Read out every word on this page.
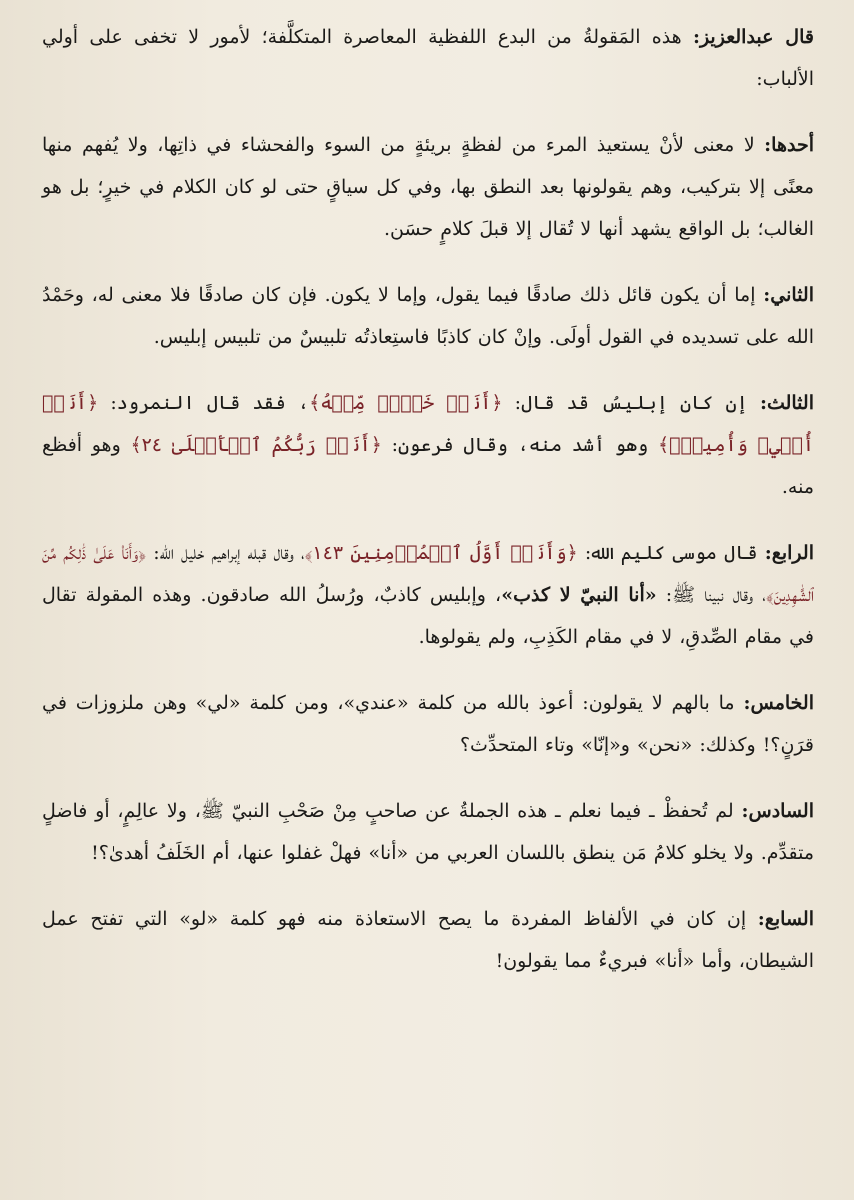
قال عبدالعزيز: هذه المَقولةُ من البدع اللفظية المعاصرة المتكلَّفة؛ لأمور لا تخفى على أولي الألباب:

أحدها: لا معنى لأنْ يستعيذ المرء من لفظةٍ بريئةٍ من السوء والفحشاء في ذاتِها، ولا يُفهم منها معنًى إلا بتركيب، وهم يقولونها بعد النطق بها، وفي كل سياقٍ حتى لو كان الكلام في خيرٍ؛ بل هو الغالب؛ بل الواقع يشهد أنها لا تُقال إلا قبلَ كلامٍ حسَن.

الثاني: إما أن يكون قائل ذلك صادقًا فيما يقول، وإما لا يكون. فإن كان صادقًا فلا معنى له، وحَمْدُ الله على تسديده في القول أولَى. وإنْ كان كاذبًا فاستِعاذتُه تلبيسٌ من تلبيس إبليس.

الثالث: إن كان إبليسُ قد قال: ﴿أَنَا۠ خَيۡرٞ مِّنۡهُ﴾، فقد قال النمرود: ﴿أَنَا۠ أُحۡيِۦ وَأُمِيتُۖ﴾ وهو أشد منه، وقال فرعون: ﴿أَنَا۠ رَبُّكُمُ ٱلۡأَعۡلَىٰ ٢٤﴾ وهو أفظع منه.

الرابع: قال موسى كليم الله: ﴿وَأَنَا۠ أَوَّلُ ٱلۡمُؤۡمِنِينَ ١٤٣﴾، وقال قبله إبراهيم خليل الله: ﴿وَأَنَا۠ عَلَىٰ ذَٰلِكُم مِّنَ ٱلشَّٰهِدِينَ﴾، وقال نبينا ﷺ: «أنا النبيّ لا كذب»، وإبليس كاذبٌ، ورُسلُ الله صادقون. وهذه المقولة تقال في مقام الصِّدقِ، لا في مقام الكَذِبِ، ولم يقولوها.

الخامس: ما بالهم لا يقولون: أعوذ بالله من كلمة «عندي»، ومن كلمة «لي» وهن ملزوزات في قرَنٍ؟! وكذلك: «نحن» و«إنّا» وتاء المتحدِّث؟

السادس: لم تُحفظْ ـ فيما نعلم ـ هذه الجملةُ عن صاحبٍ مِنْ صَحْبِ النبيّ ﷺ، ولا عالِمٍ، أو فاضلٍ متقدِّم. ولا يخلو كلامُ مَن ينطق باللسان العربي من «أنا» فهلْ غفلوا عنها، أم الخَلَفُ أهدىٰ؟!

السابع: إن كان في الألفاظ المفردة ما يصح الاستعاذة منه فهو كلمة «لو» التي تفتح عمل الشيطان، وأما «أنا» فبريءٌ مما يقولون!
